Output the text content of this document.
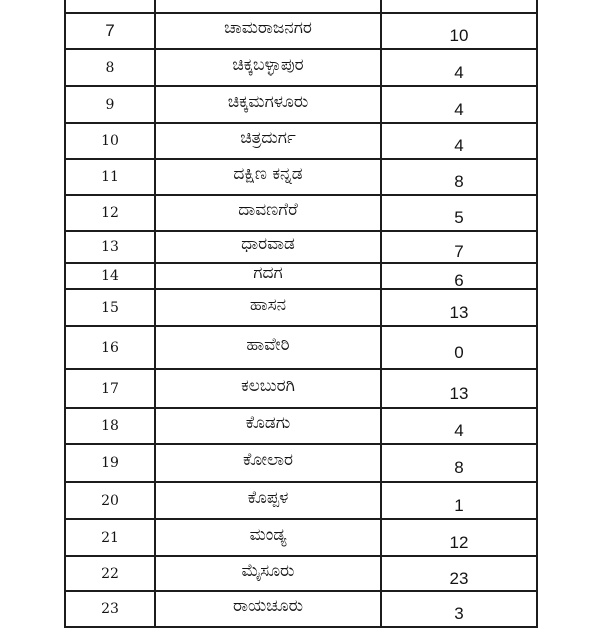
7	ಚಾಮರಾಜನಗರ	10
8	ಚಿಕ್ಕಬಳ್ಳಾಪುರ	4
9	ಚಿಕ್ಕಮಗಳೂರು	4
10	ಚಿತ್ರದುರ್ಗ	4
11	ದಕ್ಷಿಣ ಕನ್ನಡ	8
12	ದಾವಣಗೆರೆ	5
13	ಧಾರವಾಡ	7
14	ಗದಗ	6
15	ಹಾಸನ	13
16	ಹಾವೇರಿ	0
17	ಕಲಬುರಗಿ	13
18	ಕೊಡಗು	4
19	ಕೋಲಾರ	8
20	ಕೊಪ್ಪಳ	1
21	ಮಂಡ್ಯ	12
22	ಮೈಸೂರು	23
23	ರಾಯಚೂರು	3
